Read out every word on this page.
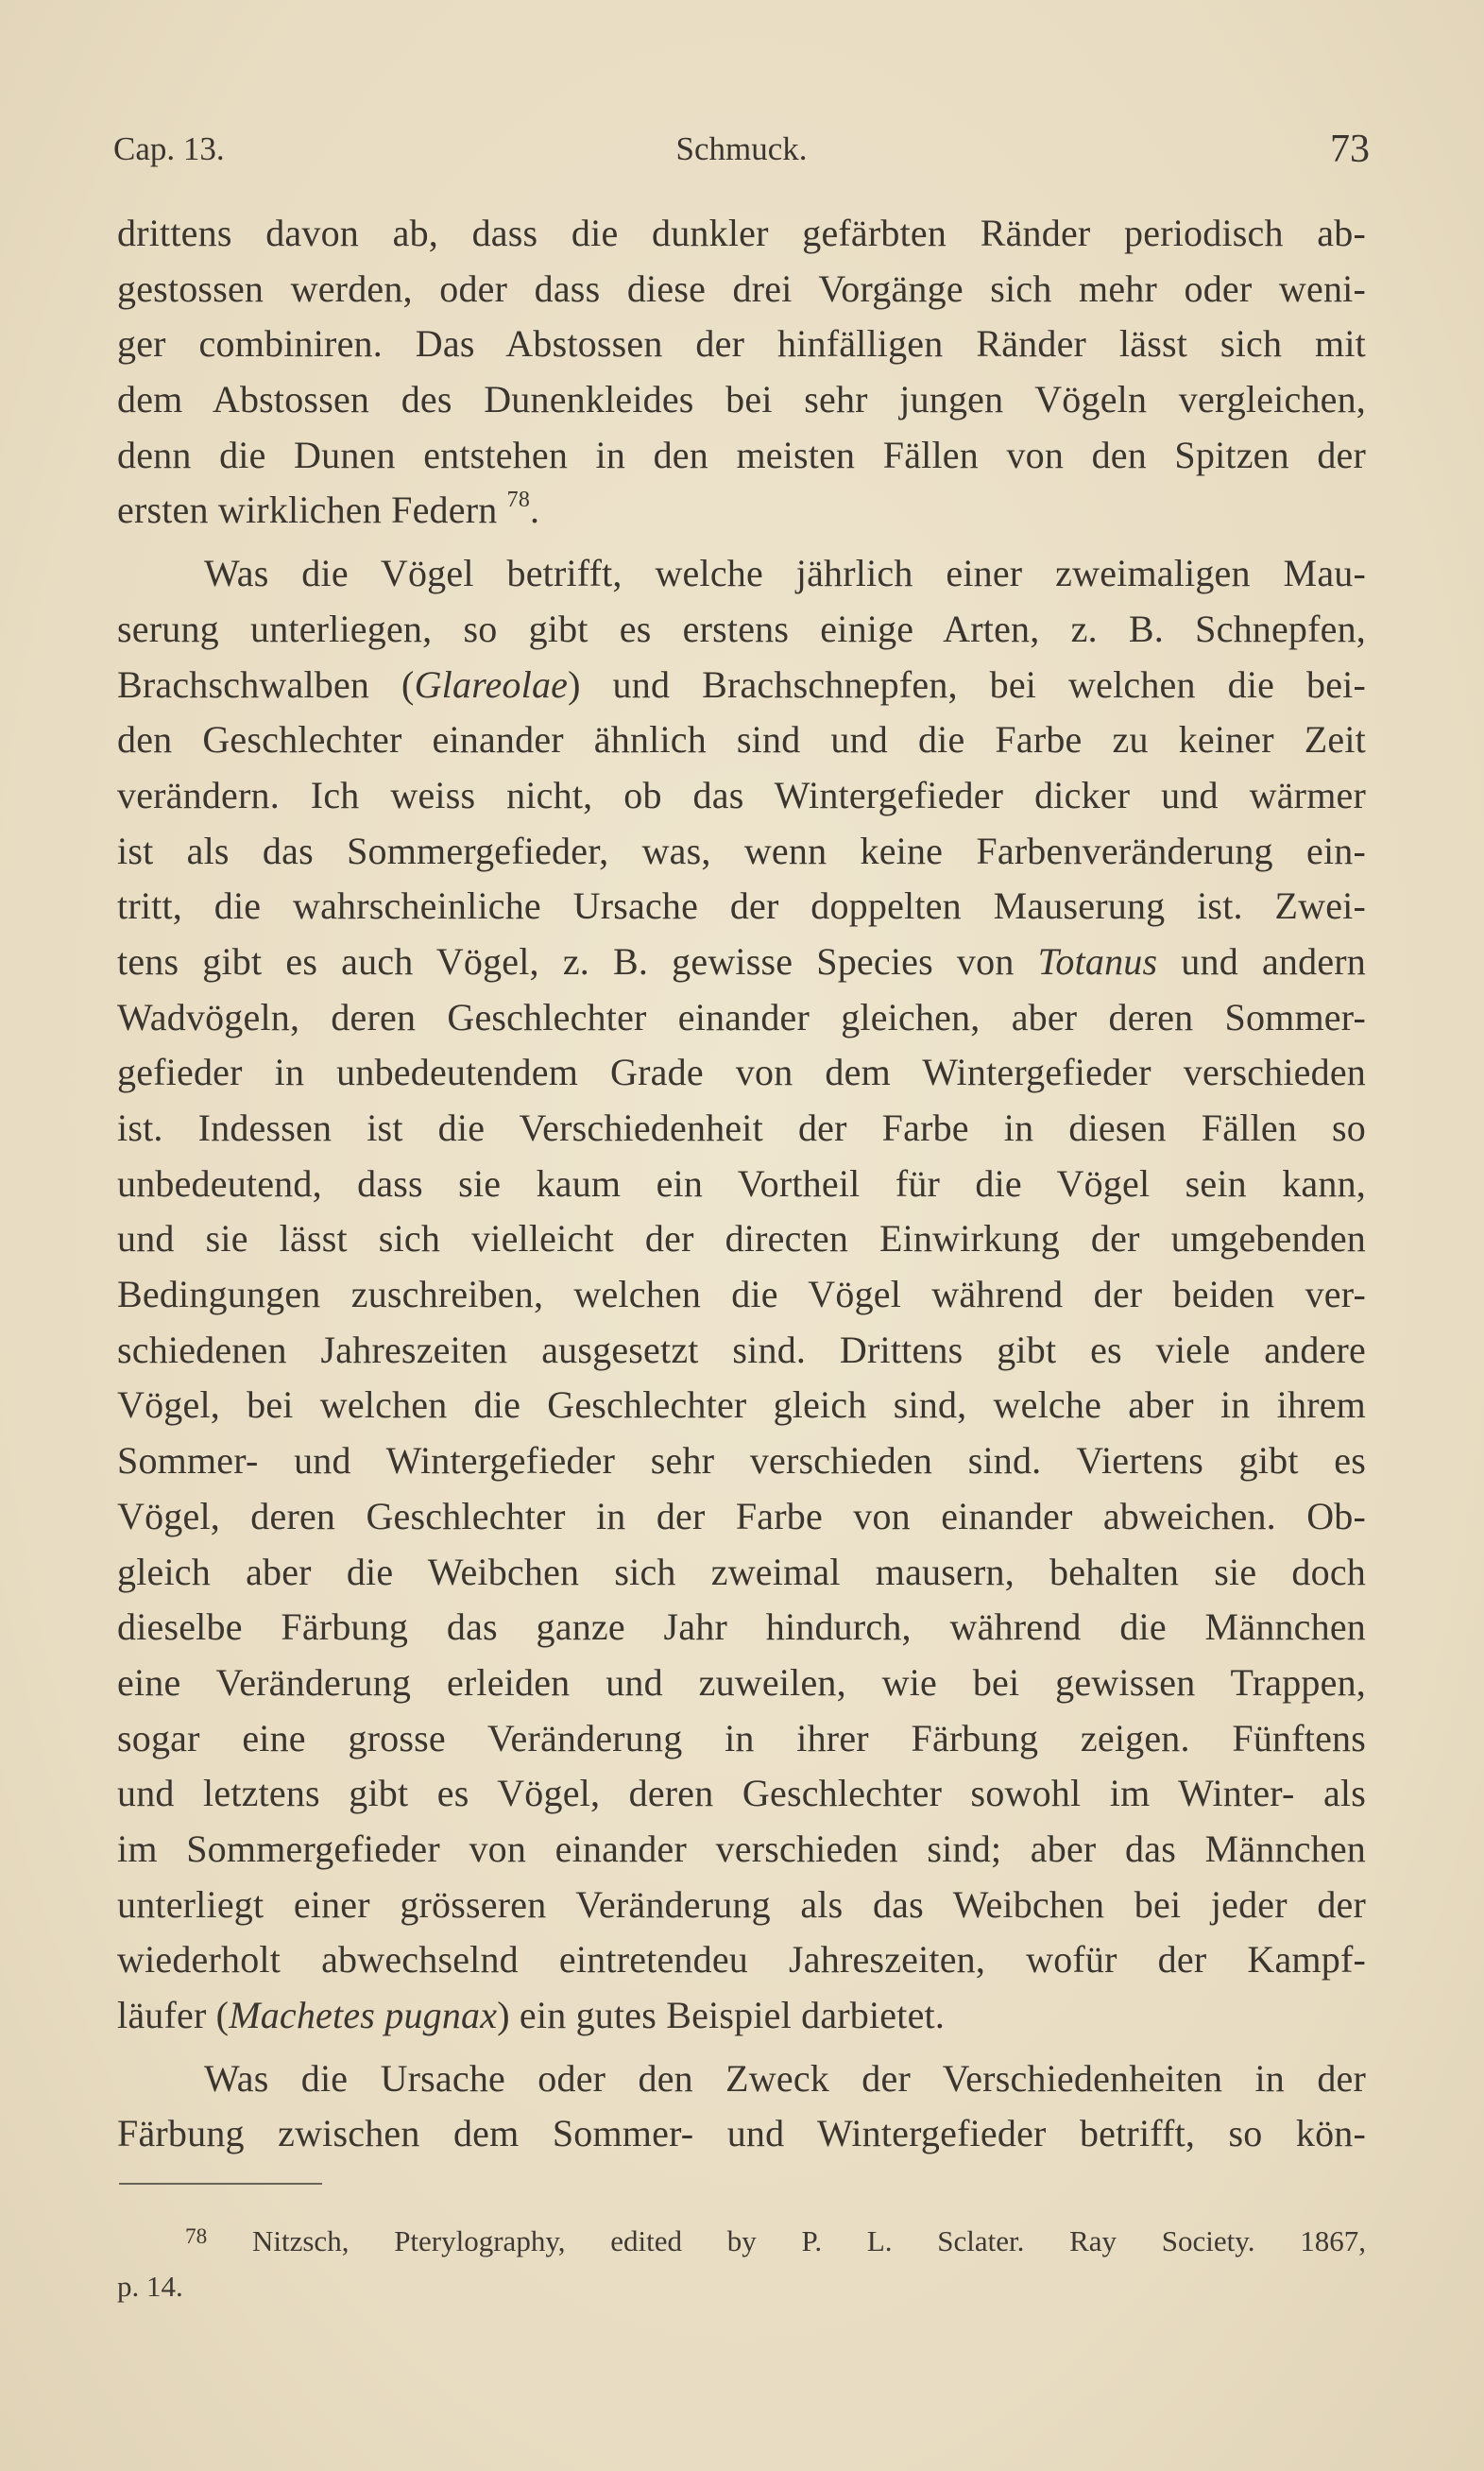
Cap. 13.	Schmuck.	73
drittens davon ab, dass die dunkler gefärbten Ränder periodisch ab-
gestossen werden, oder dass diese drei Vorgänge sich mehr oder weni-
ger combiniren. Das Abstossen der hinfälligen Ränder lässt sich mit
dem Abstossen des Dunenkleides bei sehr jungen Vögeln vergleichen,
denn die Dunen entstehen in den meisten Fällen von den Spitzen der
ersten wirklichen Federn $^{78}$.
Was die Vögel betrifft, welche jährlich einer zweimaligen Mau-
serung unterliegen, so gibt es erstens einige Arten, z. B. Schnepfen,
Brachschwalben (Glareolae) und Brachschnepfen, bei welchen die bei-
den Geschlechter einander ähnlich sind und die Farbe zu keiner Zeit
verändern. Ich weiss nicht, ob das Wintergefieder dicker und wärmer
ist als das Sommergefieder, was, wenn keine Farbenveränderung ein-
tritt, die wahrscheinliche Ursache der doppelten Mauserung ist. Zwei-
tens gibt es auch Vögel, z. B. gewisse Species von Totanus und andern
Wadvögeln, deren Geschlechter einander gleichen, aber deren Sommer-
gefieder in unbedeutendem Grade von dem Wintergefieder verschieden
ist. Indessen ist die Verschiedenheit der Farbe in diesen Fällen so
unbedeutend, dass sie kaum ein Vortheil für die Vögel sein kann,
und sie lässt sich vielleicht der directen Einwirkung der umgebenden
Bedingungen zuschreiben, welchen die Vögel während der beiden ver-
schiedenen Jahreszeiten ausgesetzt sind. Drittens gibt es viele andere
Vögel, bei welchen die Geschlechter gleich sind, welche aber in ihrem
Sommer- und Wintergefieder sehr verschieden sind. Viertens gibt es
Vögel, deren Geschlechter in der Farbe von einander abweichen. Ob-
gleich aber die Weibchen sich zweimal mausern, behalten sie doch
dieselbe Färbung das ganze Jahr hindurch, während die Männchen
eine Veränderung erleiden und zuweilen, wie bei gewissen Trappen,
sogar eine grosse Veränderung in ihrer Färbung zeigen. Fünftens
und letztens gibt es Vögel, deren Geschlechter sowohl im Winter- als
im Sommergefieder von einander verschieden sind; aber das Männchen
unterliegt einer grösseren Veränderung als das Weibchen bei jeder der
wiederholt abwechselnd eintretendeu Jahreszeiten, wofür der Kampf-
läufer (Machetes pugnax) ein gutes Beispiel darbietet.
Was die Ursache oder den Zweck der Verschiedenheiten in der
Färbung zwischen dem Sommer- und Wintergefieder betrifft, so kön-
$^{78}$ Nitzsch, Pterylography, edited by P. L. Sclater. Ray Society. 1867,
p. 14.
